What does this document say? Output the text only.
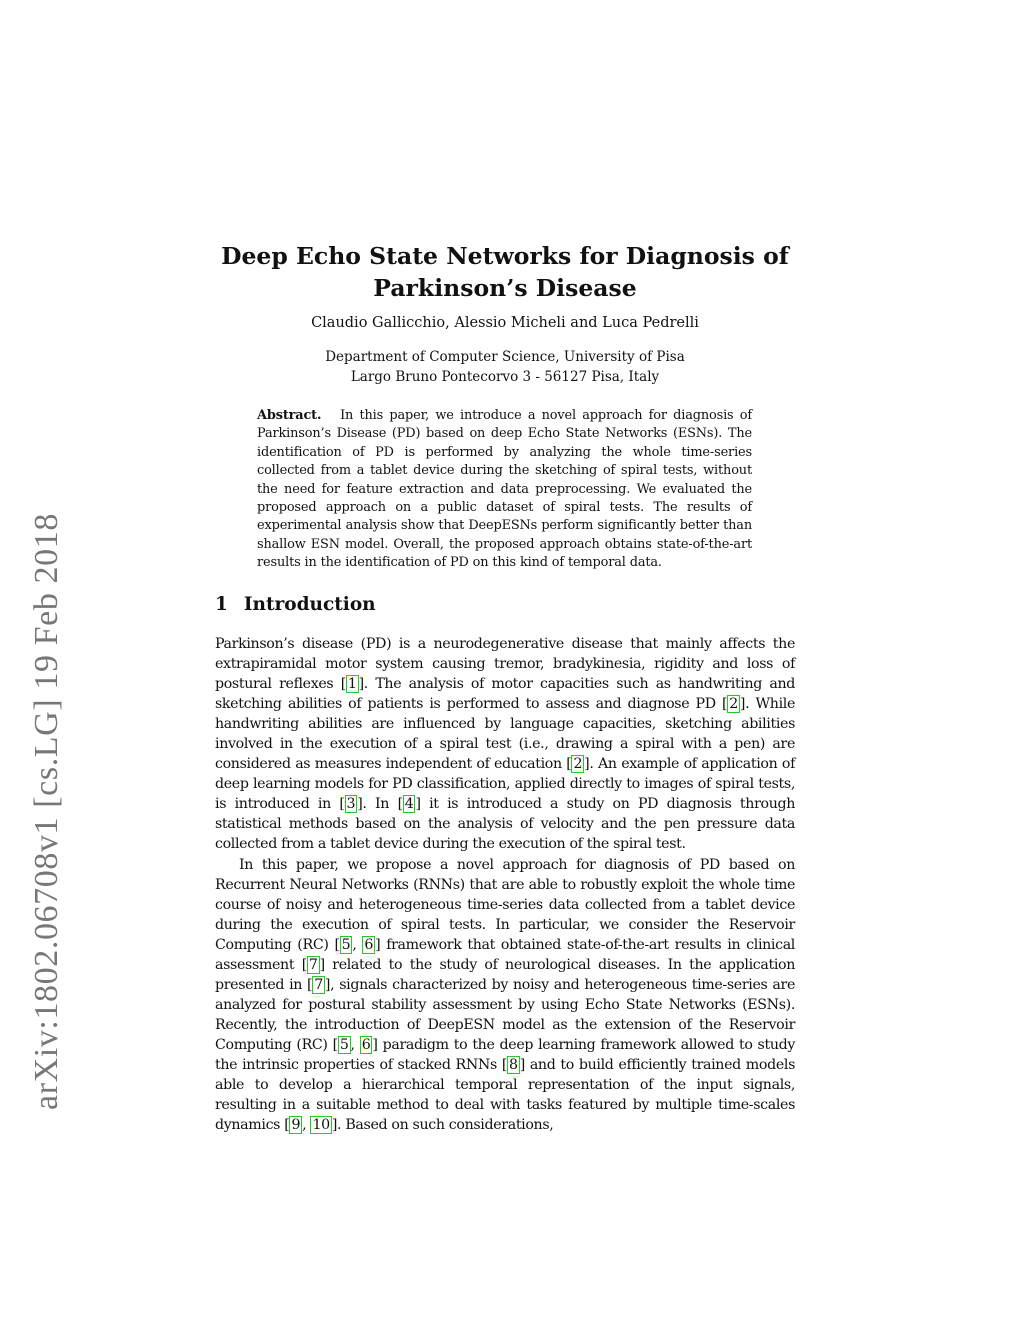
arXiv:1802.06708v1 [cs.LG] 19 Feb 2018
Deep Echo State Networks for Diagnosis of
Parkinson’s Disease
Claudio Gallicchio, Alessio Micheli and Luca Pedrelli
Department of Computer Science, University of Pisa
Largo Bruno Pontecorvo 3 - 56127 Pisa, Italy
Abstract. In this paper, we introduce a novel approach for diagnosis of Parkinson’s Disease (PD) based on deep Echo State Networks (ESNs). The identification of PD is performed by analyzing the whole time-series collected from a tablet device during the sketching of spiral tests, without the need for feature extraction and data preprocessing. We evaluated the proposed approach on a public dataset of spiral tests. The results of experimental analysis show that DeepESNs perform significantly better than shallow ESN model. Overall, the proposed approach obtains state-of-the-art results in the identification of PD on this kind of temporal data.
1 Introduction

Parkinson’s disease (PD) is a neurodegenerative disease that mainly affects the extrapiramidal motor system causing tremor, bradykinesia, rigidity and loss of postural reflexes [ 1 ]. The analysis of motor capacities such as handwriting and sketching abilities of patients is performed to assess and diagnose PD [ 2 ]. While handwriting abilities are influenced by language capacities, sketching abilities involved in the execution of a spiral test (i.e., drawing a spiral with a pen) are considered as measures independent of education [ 2 ]. An example of application of deep learning models for PD classification, applied directly to images of spiral tests, is introduced in [ 3 ]. In [ 4 ] it is introduced a study on PD diagnosis through statistical methods based on the analysis of velocity and the pen pressure data collected from a tablet device during the execution of the spiral test.

In this paper, we propose a novel approach for diagnosis of PD based on Recurrent Neural Networks (RNNs) that are able to robustly exploit the whole time course of noisy and heterogeneous time-series data collected from a tablet device during the execution of spiral tests. In particular, we consider the Reservoir Computing (RC) [ 5 , 6 ] framework that obtained state-of-the-art results in clinical assessment [ 7 ] related to the study of neurological diseases. In the application presented in [ 7 ], signals characterized by noisy and heterogeneous time-series are analyzed for postural stability assessment by using Echo State Networks (ESNs). Recently, the introduction of DeepESN model as the extension of the Reservoir Computing (RC) [ 5 , 6 ] paradigm to the deep learning framework allowed to study the intrinsic properties of stacked RNNs [ 8 ] and to build efficiently trained models able to develop a hierarchical temporal representation of the input signals, resulting in a suitable method to deal with tasks featured by multiple time-scales dynamics [ 9 , 10 ]. Based on such considerations,
